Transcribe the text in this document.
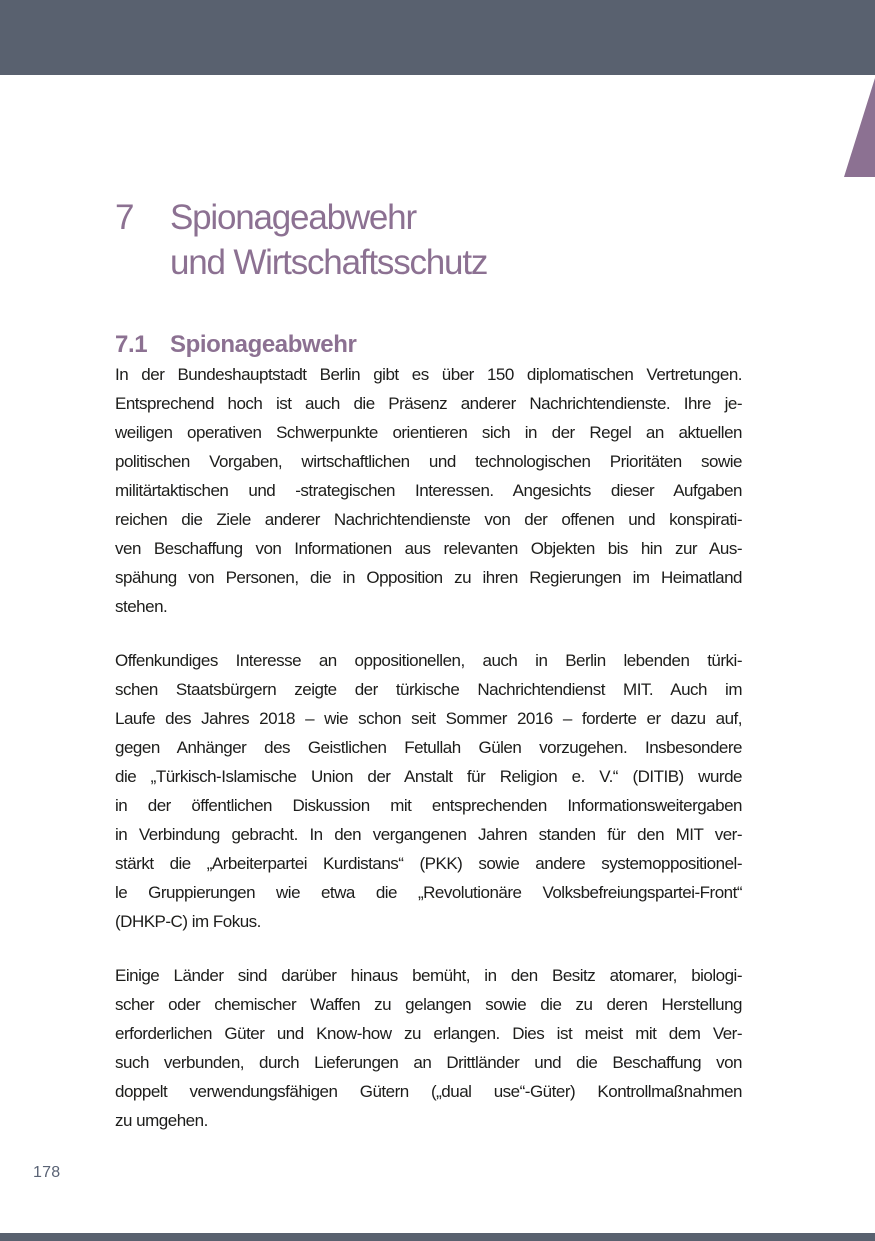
7	Spionageabwehr
und Wirtschaftsschutz
7.1 Spionageabwehr
In der Bundeshauptstadt Berlin gibt es über 150 diplomatischen Vertretungen.
Entsprechend hoch ist auch die Präsenz anderer Nachrichtendienste. Ihre je-
weiligen operativen Schwerpunkte orientieren sich in der Regel an aktuellen
politischen Vorgaben, wirtschaftlichen und technologischen Prioritäten sowie
militärtaktischen und -strategischen Interessen. Angesichts dieser Aufgaben
reichen die Ziele anderer Nachrichtendienste von der offenen und konspirati-
ven Beschaffung von Informationen aus relevanten Objekten bis hin zur Aus-
spähung von Personen, die in Opposition zu ihren Regierungen im Heimatland
stehen.
Offenkundiges Interesse an oppositionellen, auch in Berlin lebenden türki-
schen Staatsbürgern zeigte der türkische Nachrichtendienst MIT. Auch im
Laufe des Jahres 2018 – wie schon seit Sommer 2016 – forderte er dazu auf,
gegen Anhänger des Geistlichen Fetullah Gülen vorzugehen. Insbesondere
die „Türkisch-Islamische Union der Anstalt für Religion e. V.“ (DITIB) wurde
in der öffentlichen Diskussion mit entsprechenden Informationsweitergaben
in Verbindung gebracht. In den vergangenen Jahren standen für den MIT ver-
stärkt die „Arbeiterpartei Kurdistans“ (PKK) sowie andere systemoppositionel-
le Gruppierungen wie etwa die „Revolutionäre Volksbefreiungspartei-Front“
(DHKP-C) im Fokus.
Einige Länder sind darüber hinaus bemüht, in den Besitz atomarer, biologi-
scher oder chemischer Waffen zu gelangen sowie die zu deren Herstellung
erforderlichen Güter und Know-how zu erlangen. Dies ist meist mit dem Ver-
such verbunden, durch Lieferungen an Drittländer und die Beschaffung von
doppelt verwendungsfähigen Gütern („dual use“-Güter) Kontrollmaßnahmen
zu umgehen.
178
